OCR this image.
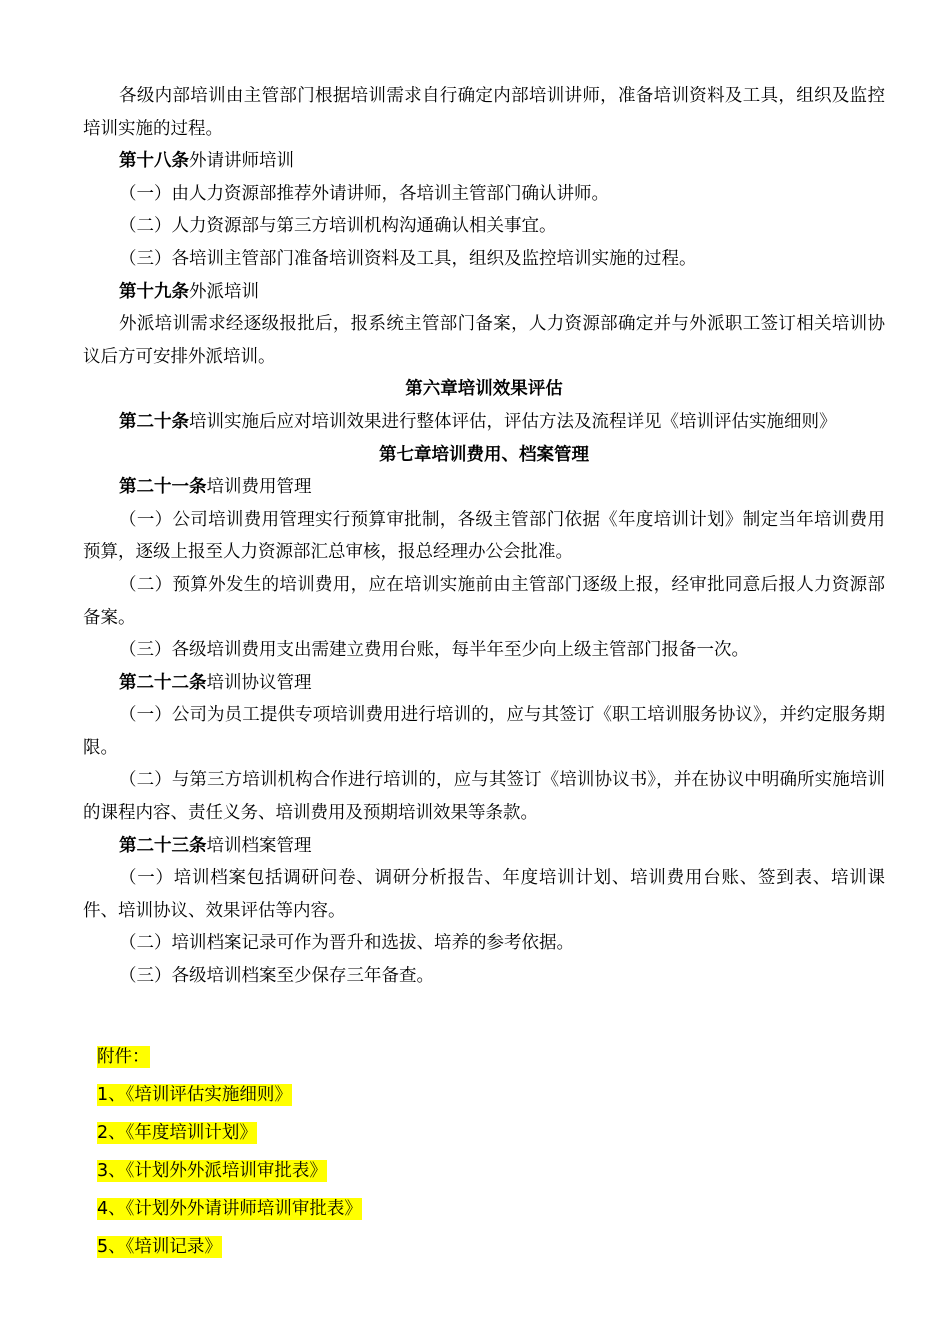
各级内部培训由主管部门根据培训需求自行确定内部培训讲师，准备培训资料及工具，组织及监控培训实施的过程。

第十八条外请讲师培训

（一）由人力资源部推荐外请讲师，各培训主管部门确认讲师。

（二）人力资源部与第三方培训机构沟通确认相关事宜。

（三）各培训主管部门准备培训资料及工具，组织及监控培训实施的过程。

第十九条外派培训

外派培训需求经逐级报批后，报系统主管部门备案，人力资源部确定并与外派职工签订相关培训协议后方可安排外派培训。

第六章培训效果评估

第二十条培训实施后应对培训效果进行整体评估，评估方法及流程详见《培训评估实施细则》

第七章培训费用、档案管理

第二十一条培训费用管理

（一）公司培训费用管理实行预算审批制，各级主管部门依据《年度培训计划》制定当年培训费用预算，逐级上报至人力资源部汇总审核，报总经理办公会批准。

（二）预算外发生的培训费用，应在培训实施前由主管部门逐级上报，经审批同意后报人力资源部备案。

（三）各级培训费用支出需建立费用台账，每半年至少向上级主管部门报备一次。

第二十二条培训协议管理

（一）公司为员工提供专项培训费用进行培训的，应与其签订《职工培训服务协议》，并约定服务期限。

（二）与第三方培训机构合作进行培训的，应与其签订《培训协议书》，并在协议中明确所实施培训的课程内容、责任义务、培训费用及预期培训效果等条款。

第二十三条培训档案管理

（一）培训档案包括调研问卷、调研分析报告、年度培训计划、培训费用台账、签到表、培训课件、培训协议、效果评估等内容。

（二）培训档案记录可作为晋升和选拔、培养的参考依据。

（三）各级培训档案至少保存三年备查。

附件：

1、《培训评估实施细则》

2、《年度培训计划》

3、《计划外外派培训审批表》

4、《计划外外请讲师培训审批表》

5、《培训记录》
